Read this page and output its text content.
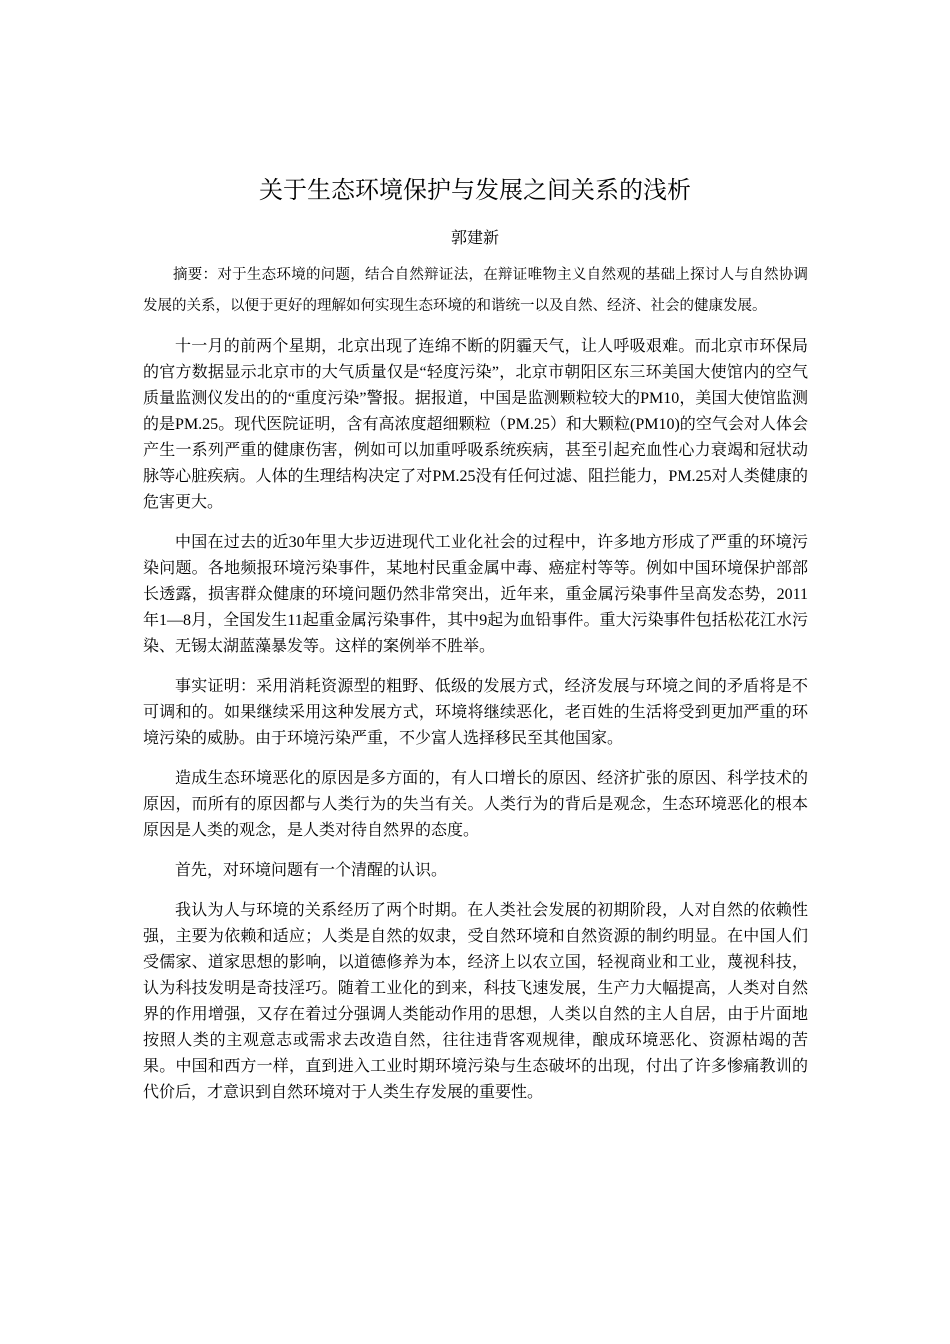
关于生态环境保护与发展之间关系的浅析

郭建新

摘要：对于生态环境的问题，结合自然辩证法，在辩证唯物主义自然观的基础上探讨人与自然协调发展的关系，以便于更好的理解如何实现生态环境的和谐统一以及自然、经济、社会的健康发展。

十一月的前两个星期，北京出现了连绵不断的阴霾天气，让人呼吸艰难。而北京市环保局的官方数据显示北京市的大气质量仅是“轻度污染”，北京市朝阳区东三环美国大使馆内的空气质量监测仪发出的的“重度污染”警报。据报道，中国是监测颗粒较大的PM10，美国大使馆监测的是PM.25。现代医院证明，含有高浓度超细颗粒（PM.25）和大颗粒(PM10)的空气会对人体会产生一系列严重的健康伤害，例如可以加重呼吸系统疾病，甚至引起充血性心力衰竭和冠状动脉等心脏疾病。人体的生理结构决定了对PM.25没有任何过滤、阻拦能力，PM.25对人类健康的危害更大。

中国在过去的近30年里大步迈进现代工业化社会的过程中，许多地方形成了严重的环境污染问题。各地频报环境污染事件，某地村民重金属中毒、癌症村等等。例如中国环境保护部部长透露，损害群众健康的环境问题仍然非常突出，近年来，重金属污染事件呈高发态势，2011年1—8月，全国发生11起重金属污染事件，其中9起为血铅事件。重大污染事件包括松花江水污染、无锡太湖蓝藻暴发等。这样的案例举不胜举。

事实证明：采用消耗资源型的粗野、低级的发展方式，经济发展与环境之间的矛盾将是不可调和的。如果继续采用这种发展方式，环境将继续恶化，老百姓的生活将受到更加严重的环境污染的威胁。由于环境污染严重，不少富人选择移民至其他国家。

造成生态环境恶化的原因是多方面的，有人口增长的原因、经济扩张的原因、科学技术的原因，而所有的原因都与人类行为的失当有关。人类行为的背后是观念，生态环境恶化的根本原因是人类的观念，是人类对待自然界的态度。

首先，对环境问题有一个清醒的认识。

我认为人与环境的关系经历了两个时期。在人类社会发展的初期阶段，人对自然的依赖性强，主要为依赖和适应；人类是自然的奴隶，受自然环境和自然资源的制约明显。在中国人们受儒家、道家思想的影响，以道德修养为本，经济上以农立国，轻视商业和工业，蔑视科技，认为科技发明是奇技淫巧。随着工业化的到来，科技飞速发展，生产力大幅提高，人类对自然界的作用增强，又存在着过分强调人类能动作用的思想，人类以自然的主人自居，由于片面地按照人类的主观意志或需求去改造自然，往往违背客观规律，酿成环境恶化、资源枯竭的苦果。中国和西方一样，直到进入工业时期环境污染与生态破坏的出现，付出了许多惨痛教训的代价后，才意识到自然环境对于人类生存发展的重要性。
